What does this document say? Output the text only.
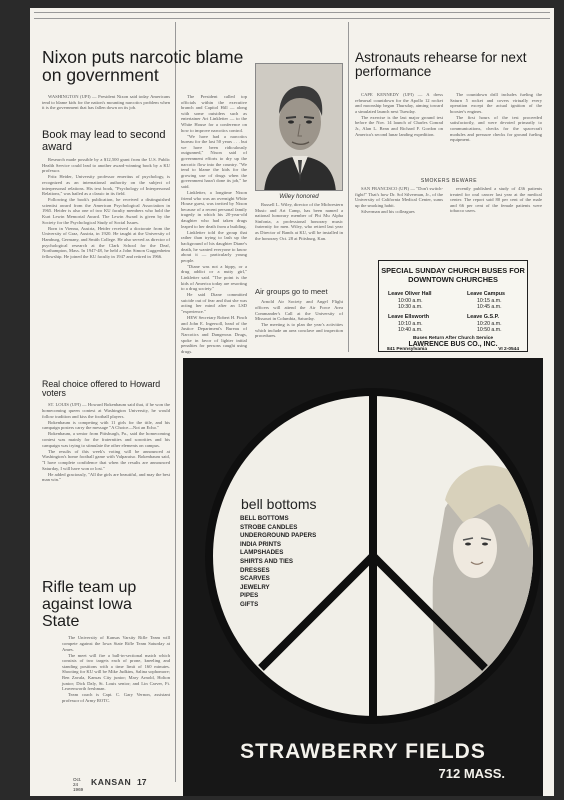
Nixon puts narcotic blame on government

WASHINGTON (UPI) — President Nixon said today Americans tend to blame kids for the nation's mounting narcotics problem when it is the government that has fallen down on its job.

The President called top officials within the executive branch and Capitol Hill — along with some outsiders such as entertainer Art Linkletter — to the White House for a conference on how to improve narcotics control.

"We have had a narcotics bureau for the last 50 years . . . but we have been ridiculously outgunned," Nixon said of government efforts to dry up the narcotic flow into the country. "We tend to blame the kids for the growing use of drugs when the government hasn't done its job," he said.

Linkletter, a longtime Nixon friend who was an overnight White House guest, was invited by Nixon because of a recent personal family tragedy in which his 20-year-old daughter who had taken drugs leaped to her death from a building.

Linkletter told the group that rather than trying to lash up the background of his daughter Diane's death, he wanted everyone to know about it — particularly young people.

"Diane was not a hippy, or a drug addict or a nutty girl," Linkletter said. "The point is the kids of America today are resorting to a drug society."

He said Diane committed suicide out of fear and that she was acting her mind after an LSD "experience."

HEW Secretary Robert H. Finch and John E. Ingersoll, head of the Justice Department's Bureau of Narcotics and Dangerous Drugs, spoke in favor of lighter initial penalties for persons caught using drugs.

Book may lead to second award

Research made possible by a $12,500 grant from the U.S. Public Health Service could lead to another award-winning book by a KU professor.

Fritz Heider, University professor emeritus of psychology, is recognized as an international authority on the subject of interpersonal relations. His text book, "Psychology of Interpersonal Relations," was hailed as a classic in its field.

Following the book's publication, he received a distinguished scientist award from the American Psychological Association in 1965. Heider is also one of two KU faculty members who hold the Kurt Lewin Memorial Award. The Lewin Award is given by the Society for the Psychological Study of Social Issues.

Born in Vienna, Austria, Heider received a doctorate from the University of Graz, Austria, in 1920. He taught at the University of Hamburg, Germany, and Smith College. He also served as director of psychological research at the Clark School for the Deaf, Northampton, Mass. In 1947-48, he held a John Simon Guggenheim fellowship. He joined the KU faculty in 1947 and retired in 1966.

Real choice offered to Howard voters

ST. LOUIS (UPI) — Howard Bokenbaum said that, if he won the homecoming queen contest at Washington University, he would follow tradition and kiss the football players.

Bokenbaum is competing with 11 girls for the title, and his campaign posters carry the message "A Choice—Not an Echo."

Bokenbaum, a senior from Pittsburgh, Pa., said the homecoming contest was mainly for the fraternities and sororities and his campaign was trying to stimulate the other elements on campus.

The results of this week's voting will be announced at Washington's home football game with Valparaiso. Bokenbaum said, "I have complete confidence that when the results are announced Saturday, I will have won or lost."

He added graciously, "All the girls are beautiful, and may the best man win."

Rifle team up against Iowa State

The University of Kansas Varsity Rifle Team will compete against the Iowa State Rifle Team Saturday at Ames.

The meet will fire a ball-in-sectional match which consists of two targets each of prone, kneeling and standing positions with a time limit of 160 minutes. Shooting for KU will be Mike Judkins, Salina sophomore; Ben Zavala, Kansas City junior; Mary Arnold, Holton junior; Dick Daly, St. Louis senior; and Lin Carver, Ft. Leavenworth freshman.

Team coach is Capt. C. Gary Vernon, assistant professor of Army ROTC.

Wiley honored

Russell L. Wiley, director of the Midwestern Music and Art Camp, has been named a national honorary member of Phi Mu Alpha Sinfonia, a professional honorary music fraternity for men. Wiley, who retired last year as Director of Bands at KU, will be installed in the honorary Oct. 28 at Pittsburg, Kan.

Air groups go to meet

Arnold Air Society and Angel Flight officers will attend the Air Force Area Commander's Call at the University of Missouri in Columbia, Saturday.

The meeting is to plan the year's activities which include an area conclave and inspection procedures.

Astronauts rehearse for next performance

CAPE KENNEDY (UPI) — A dress rehearsal countdown for the Apollo 12 rocket and moonship began Thursday, aiming toward a simulated launch next Tuesday.

The exercise is the last major ground test before the Nov. 14 launch of Charles Conrad Jr., Alan L. Bean and Richard F. Gordon on America's second lunar landing expedition.

The countdown drill includes fueling the Saturn 5 rocket and covers virtually every operation except the actual ignition of the booster's engines.

The first hours of the test proceeded satisfactorily, and were devoted primarily to communications, checks for the spacecraft modules and pressure checks for ground fueling equipment.

SMOKERS BEWARE

SAN FRANCISCO (UPI) — "Don't switch-fight!" That's how Dr. Sol Silverman, Jr., of the University of California Medical Center, sums up the smoking habit.

Silverman and his colleagues

recently published a study of 436 patients treated for oral cancer last year at the medical center. The report said 80 per cent of the male and 66 per cent of the female patients were tobacco users.

SPECIAL SUNDAY CHURCH BUSES FOR DOWNTOWN CHURCHES
Leave Oliver Hall
10:00 a.m.
10:30 a.m.
Leave Campus
10:15 a.m.
10:45 a.m.
Leave Ellsworth
10:10 a.m.
10:40 a.m.
Leave G.S.P.
10:20 a.m.
10:50 a.m.
Buses Return After Church Service
LAWRENCE BUS CO., INC.
841 Pennsylvania	VI 2-0544
bell bottoms
BELL BOTTOMS
STROBE CANDLES
UNDERGROUND PAPERS
INDIA PRINTS
LAMPSHADES
SHIRTS AND TIES
DRESSES
SCARVES
JEWELRY
PIPES
GIFTS
STRAWBERRY FIELDS
712 MASS.
Oct. 24
1969
KANSAN 17
